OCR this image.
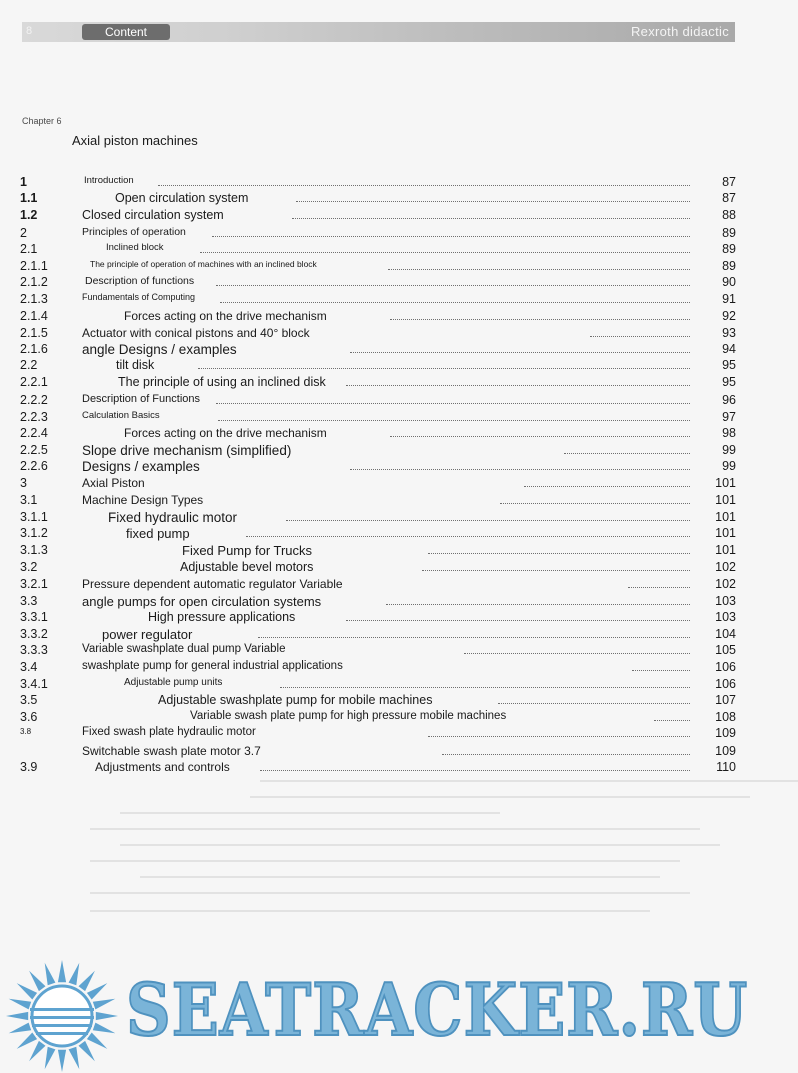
8	Content	Rexroth didactic
Chapter 6
Axial piston machines
1	Introduction	87
1.1	Open circulation system	87
1.2	Closed circulation system	88
2	Principles of operation	89
2.1	Inclined block	89
2.1.1	The principle of operation of machines with an inclined block	89
2.1.2	Description of functions	90
2.1.3	Fundamentals of Computing	91
2.1.4	Forces acting on the drive mechanism	92
2.1.5	Actuator with conical pistons and 40° block	93
2.1.6	angle Designs / examples	94
2.2	tilt disk	95
2.2.1	The principle of using an inclined disk	95
2.2.2	Description of Functions	96
2.2.3	Calculation Basics	97
2.2.4	Forces acting on the drive mechanism	98
2.2.5	Slope drive mechanism (simplified)	99
2.2.6	Designs / examples	99
3	Axial Piston	101
3.1	Machine Design Types	101
3.1.1	Fixed hydraulic motor	101
3.1.2	fixed pump	101
3.1.3	Fixed Pump for Trucks	101
3.2	Adjustable bevel motors	102
3.2.1	Pressure dependent automatic regulator Variable	102
3.3	angle pumps for open circulation systems	103
3.3.1	High pressure applications	103
3.3.2	power regulator	104
3.3.3	Variable swashplate dual pump Variable	105
3.4	swashplate pump for general industrial applications	106
3.4.1	Adjustable pump units	106
3.5	Adjustable swashplate pump for mobile machines	107
3.6	Variable swash plate pump for high pressure mobile machines	108
3.8	Fixed swash plate hydraulic motor	109
Switchable swash plate motor 3.7	109
3.9	Adjustments and controls	110
SEATRACKER.RU
